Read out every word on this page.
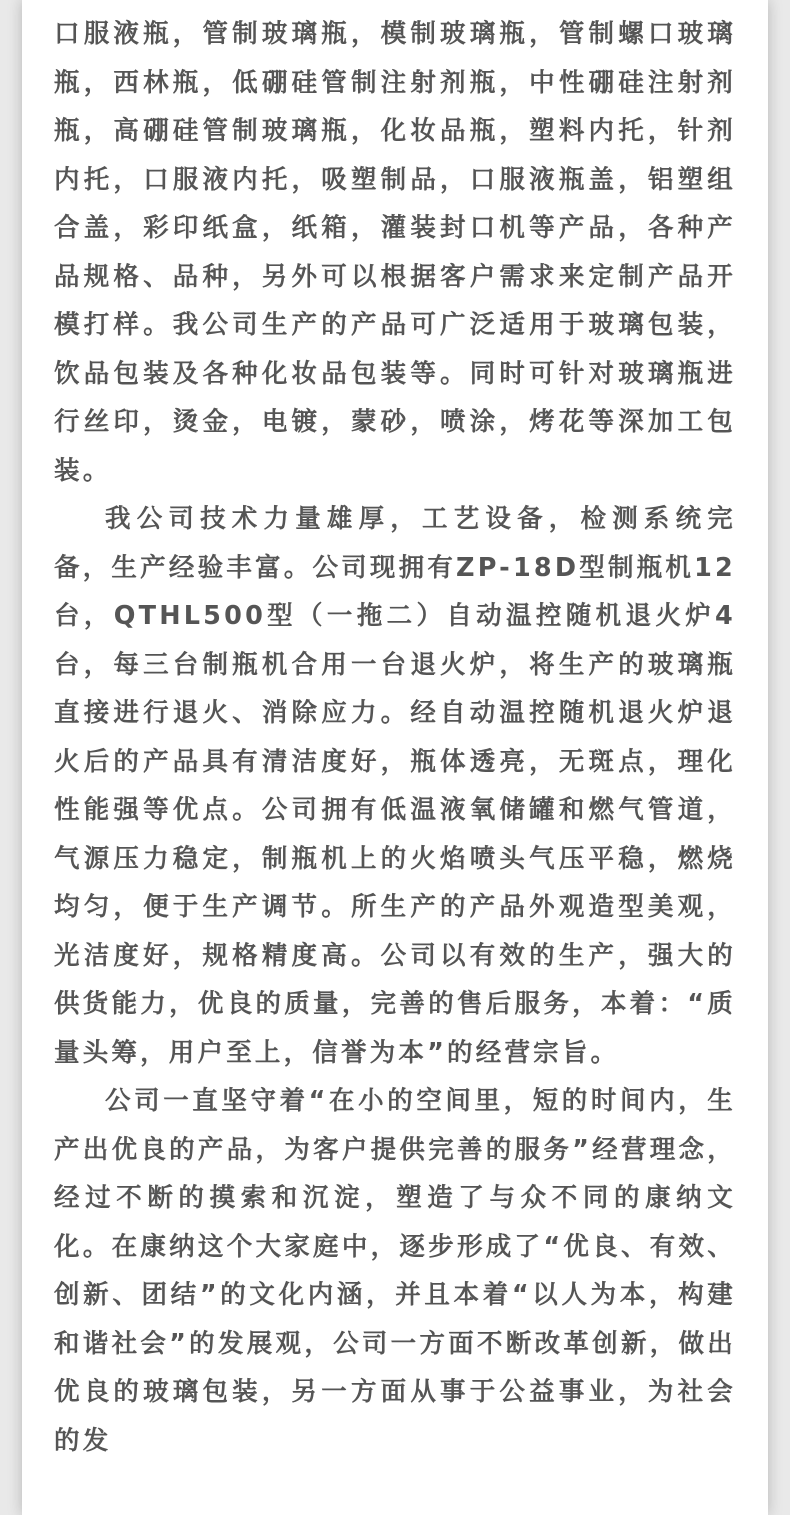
口服液瓶，管制玻璃瓶，模制玻璃瓶，管制螺口玻璃瓶，西林瓶，低硼硅管制注射剂瓶，中性硼硅注射剂瓶，高硼硅管制玻璃瓶，化妆品瓶，塑料内托，针剂内托，口服液内托，吸塑制品，口服液瓶盖，铝塑组合盖，彩印纸盒，纸箱，灌装封口机等产品，各种产品规格、品种，另外可以根据客户需求来定制产品开模打样。我公司生产的产品可广泛适用于玻璃包装，饮品包装及各种化妆品包装等。同时可针对玻璃瓶进行丝印，烫金，电镀，蒙砂，喷涂，烤花等深加工包装。

我公司技术力量雄厚，工艺设备，检测系统完备，生产经验丰富。公司现拥有ZP-18D型制瓶机12台，QTHL500型（一拖二）自动温控随机退火炉4台，每三台制瓶机合用一台退火炉，将生产的玻璃瓶直接进行退火、消除应力。经自动温控随机退火炉退火后的产品具有清洁度好，瓶体透亮，无斑点，理化性能强等优点。公司拥有低温液氧储罐和燃气管道，气源压力稳定，制瓶机上的火焰喷头气压平稳，燃烧均匀，便于生产调节。所生产的产品外观造型美观，光洁度好，规格精度高。公司以有效的生产，强大的供货能力，优良的质量，完善的售后服务，本着：“质量头筹，用户至上，信誉为本”的经营宗旨。

公司一直坚守着“在小的空间里，短的时间内，生产出优良的产品，为客户提供完善的服务”经营理念，经过不断的摸索和沉淀，塑造了与众不同的康纳文化。在康纳这个大家庭中，逐步形成了“优良、有效、创新、团结”的文化内涵，并且本着“以人为本，构建和谐社会”的发展观，公司一方面不断改革创新，做出优良的玻璃包装，另一方面从事于公益事业，为社会的发
